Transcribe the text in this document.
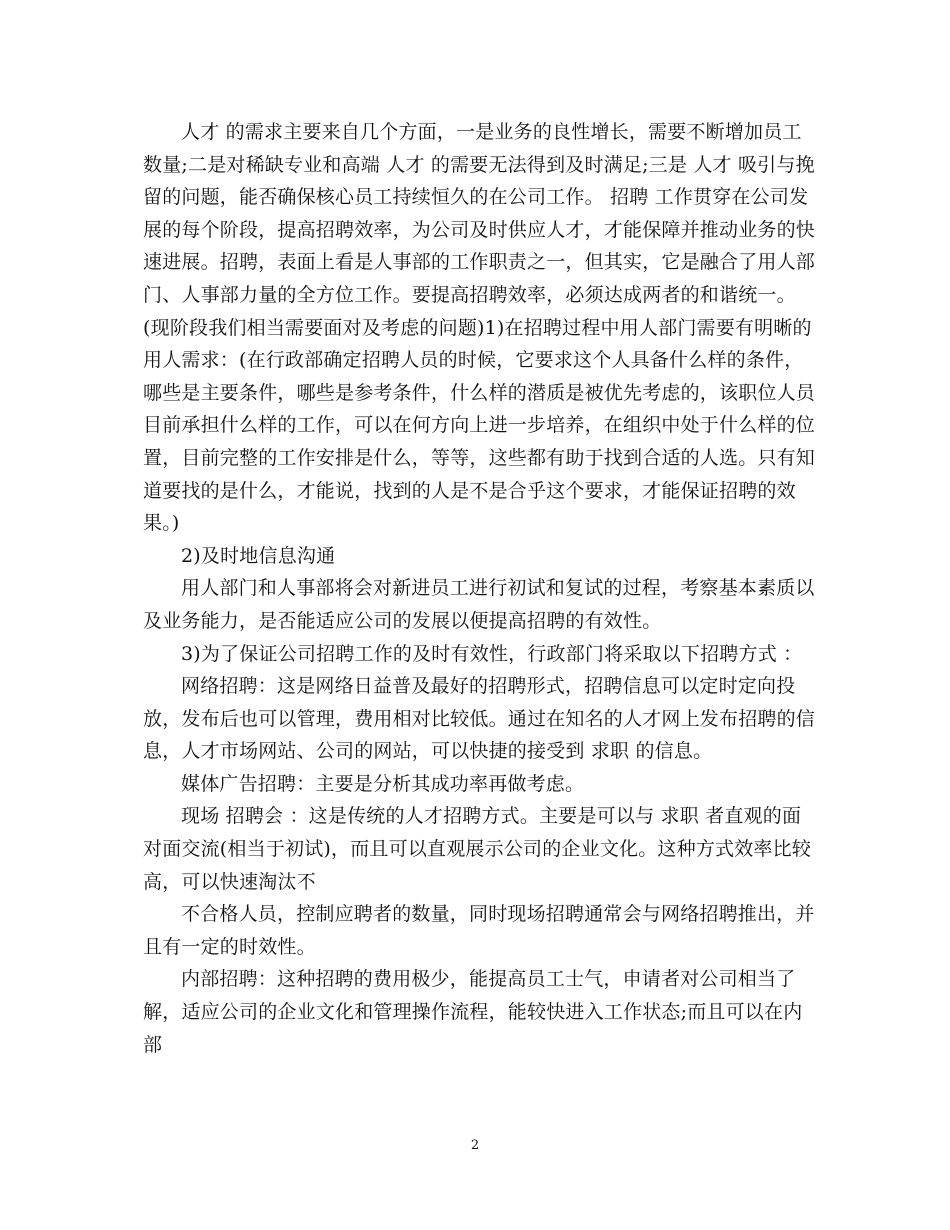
人才 的需求主要来自几个方面，一是业务的良性增长，需要不断增加员工数量;二是对稀缺专业和高端 人才 的需要无法得到及时满足;三是 人才 吸引与挽留的问题，能否确保核心员工持续恒久的在公司工作。 招聘 工作贯穿在公司发展的每个阶段，提高招聘效率，为公司及时供应人才，才能保障并推动业务的快速进展。招聘，表面上看是人事部的工作职责之一，但其实，它是融合了用人部门、人事部力量的全方位工作。要提高招聘效率，必须达成两者的和谐统一。(现阶段我们相当需要面对及考虑的问题)1)在招聘过程中用人部门需要有明晰的用人需求：(在行政部确定招聘人员的时候，它要求这个人具备什么样的条件，哪些是主要条件，哪些是参考条件，什么样的潜质是被优先考虑的，该职位人员目前承担什么样的工作，可以在何方向上进一步培养，在组织中处于什么样的位置，目前完整的工作安排是什么，等等，这些都有助于找到合适的人选。只有知道要找的是什么，才能说，找到的人是不是合乎这个要求，才能保证招聘的效果。)

2)及时地信息沟通

用人部门和人事部将会对新进员工进行初试和复试的过程，考察基本素质以及业务能力，是否能适应公司的发展以便提高招聘的有效性。

3)为了保证公司招聘工作的及时有效性，行政部门将采取以下招聘方式 ：

网络招聘：这是网络日益普及最好的招聘形式，招聘信息可以定时定向投放，发布后也可以管理，费用相对比较低。通过在知名的人才网上发布招聘的信息，人才市场网站、公司的网站，可以快捷的接受到 求职 的信息。

媒体广告招聘：主要是分析其成功率再做考虑。

现场 招聘会 ：这是传统的人才招聘方式。主要是可以与 求职 者直观的面对面交流(相当于初试)，而且可以直观展示公司的企业文化。这种方式效率比较高，可以快速淘汰不

不合格人员，控制应聘者的数量，同时现场招聘通常会与网络招聘推出，并且有一定的时效性。

内部招聘：这种招聘的费用极少，能提高员工士气，申请者对公司相当了解，适应公司的企业文化和管理操作流程，能较快进入工作状态;而且可以在内部

2
